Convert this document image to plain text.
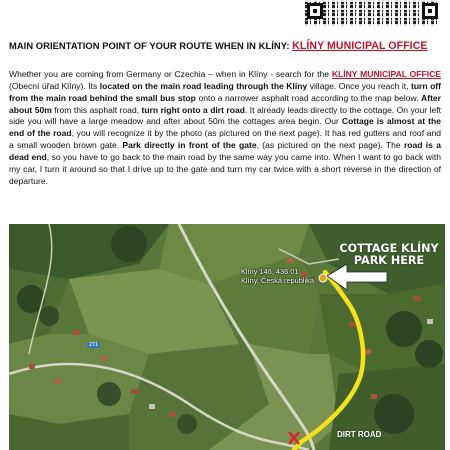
MAIN ORIENTATION POINT OF YOUR ROUTE WHEN IN KLÍNY: KLÍNY MUNICIPAL OFFICE
Whether you are coming from Germany or Czechia – when in Klíny - search for the KLÍNY MUNICIPAL OFFICE (Obecní úřad Klíny). Its located on the main road leading through the Klíny village. Once you reach it, turn off from the main road behind the small bus stop onto a narrower asphalt road according to the map below. After about 50m from this asphalt road, turn right onto a dirt road. It already leads directly to the cottage. On your left side you will have a large meadow and after about 50m the cottages area begin. Our Cottage is almost at the end of the road, you will recognize it by the photo (as pictured on the next page). It has red gutters and roof and a small wooden brown gate. Park directly in front of the gate, (as pictured on the next page). The road is a dead end, so you have to go back to the main road by the same way you came into. When I want to go back with my car, I turn it around so that I drive up to the gate and turn my car twice with a short reverse in the direction of departure.
COTTAGE KLÍNY
PARK HERE
Klíny 146, 436 01
Klíny, Česká republika
271
DIRT ROAD
